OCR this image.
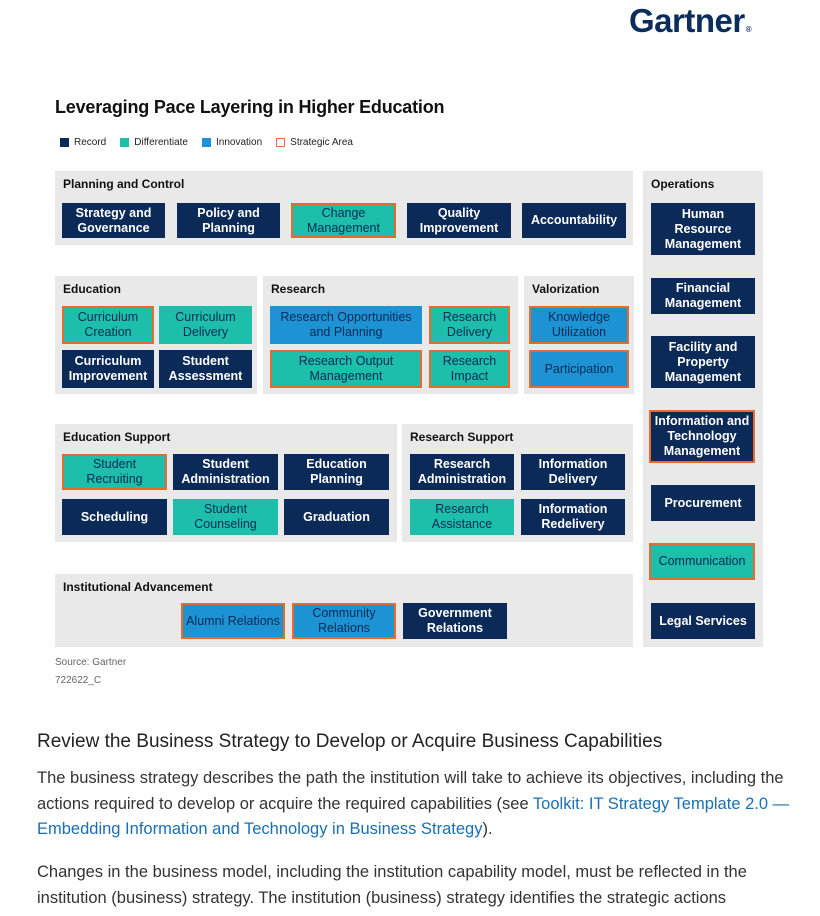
Gartner®
Leveraging Pace Layering in Higher Education
Record	Differentiate	Innovation	Strategic Area
Planning and Control
Strategy and Governance
Policy and Planning
Change Management
Quality Improvement
Accountability
Education
Curriculum Creation
Curriculum Delivery
Curriculum Improvement
Student Assessment
Research
Research Opportunities and Planning
Research Delivery
Research Output Management
Research Impact
Valorization
Knowledge Utilization
Participation
Education Support
Student Recruiting
Student Administration
Education Planning
Scheduling
Student Counseling
Graduation
Research Support
Research Administration
Information Delivery
Research Assistance
Information Redelivery
Institutional Advancement
Alumni Relations
Community Relations
Government Relations
Operations
Human Resource Management
Financial Management
Facility and Property Management
Information and Technology Management
Procurement
Communication
Legal Services
Source: Gartner
722622_C
Review the Business Strategy to Develop or Acquire Business Capabilities

The business strategy describes the path the institution will take to achieve its objectives, including the actions required to develop or acquire the required capabilities (see Toolkit: IT Strategy Template 2.0 — Embedding Information and Technology in Business Strategy).

Changes in the business model, including the institution capability model, must be reflected in the institution (business) strategy. The institution (business) strategy identifies the strategic actions
